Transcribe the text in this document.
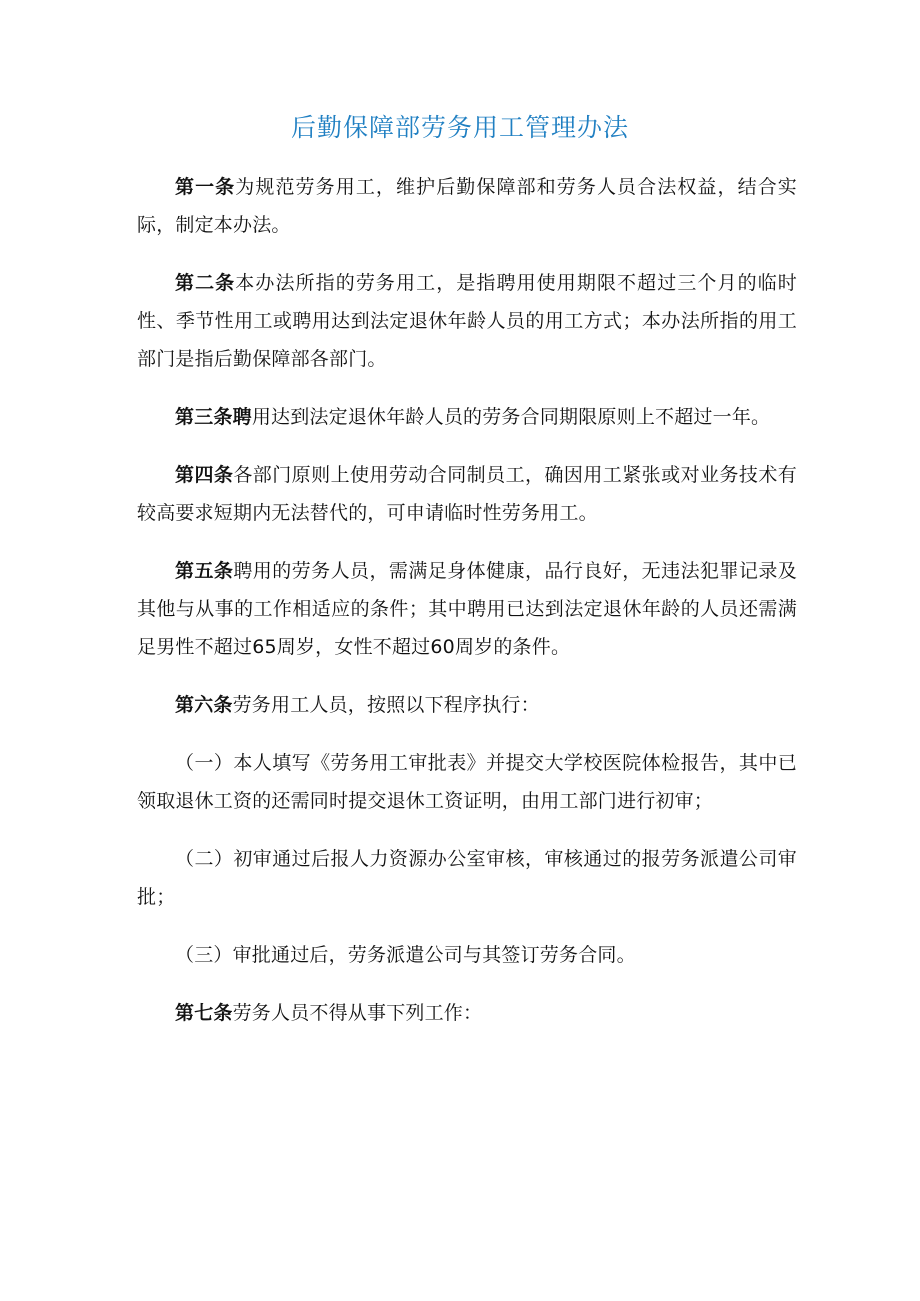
后勤保障部劳务用工管理办法

第一条为规范劳务用工，维护后勤保障部和劳务人员合法权益，结合实际，制定本办法。

第二条本办法所指的劳务用工，是指聘用使用期限不超过三个月的临时性、季节性用工或聘用达到法定退休年龄人员的用工方式；本办法所指的用工部门是指后勤保障部各部门。

第三条聘用达到法定退休年龄人员的劳务合同期限原则上不超过一年。

第四条各部门原则上使用劳动合同制员工，确因用工紧张或对业务技术有较高要求短期内无法替代的，可申请临时性劳务用工。

第五条聘用的劳务人员，需满足身体健康，品行良好，无违法犯罪记录及其他与从事的工作相适应的条件；其中聘用已达到法定退休年龄的人员还需满足男性不超过65周岁，女性不超过60周岁的条件。

第六条劳务用工人员，按照以下程序执行：

（一）本人填写《劳务用工审批表》并提交大学校医院体检报告，其中已领取退休工资的还需同时提交退休工资证明，由用工部门进行初审；

（二）初审通过后报人力资源办公室审核，审核通过的报劳务派遣公司审批；

（三）审批通过后，劳务派遣公司与其签订劳务合同。

第七条劳务人员不得从事下列工作：
